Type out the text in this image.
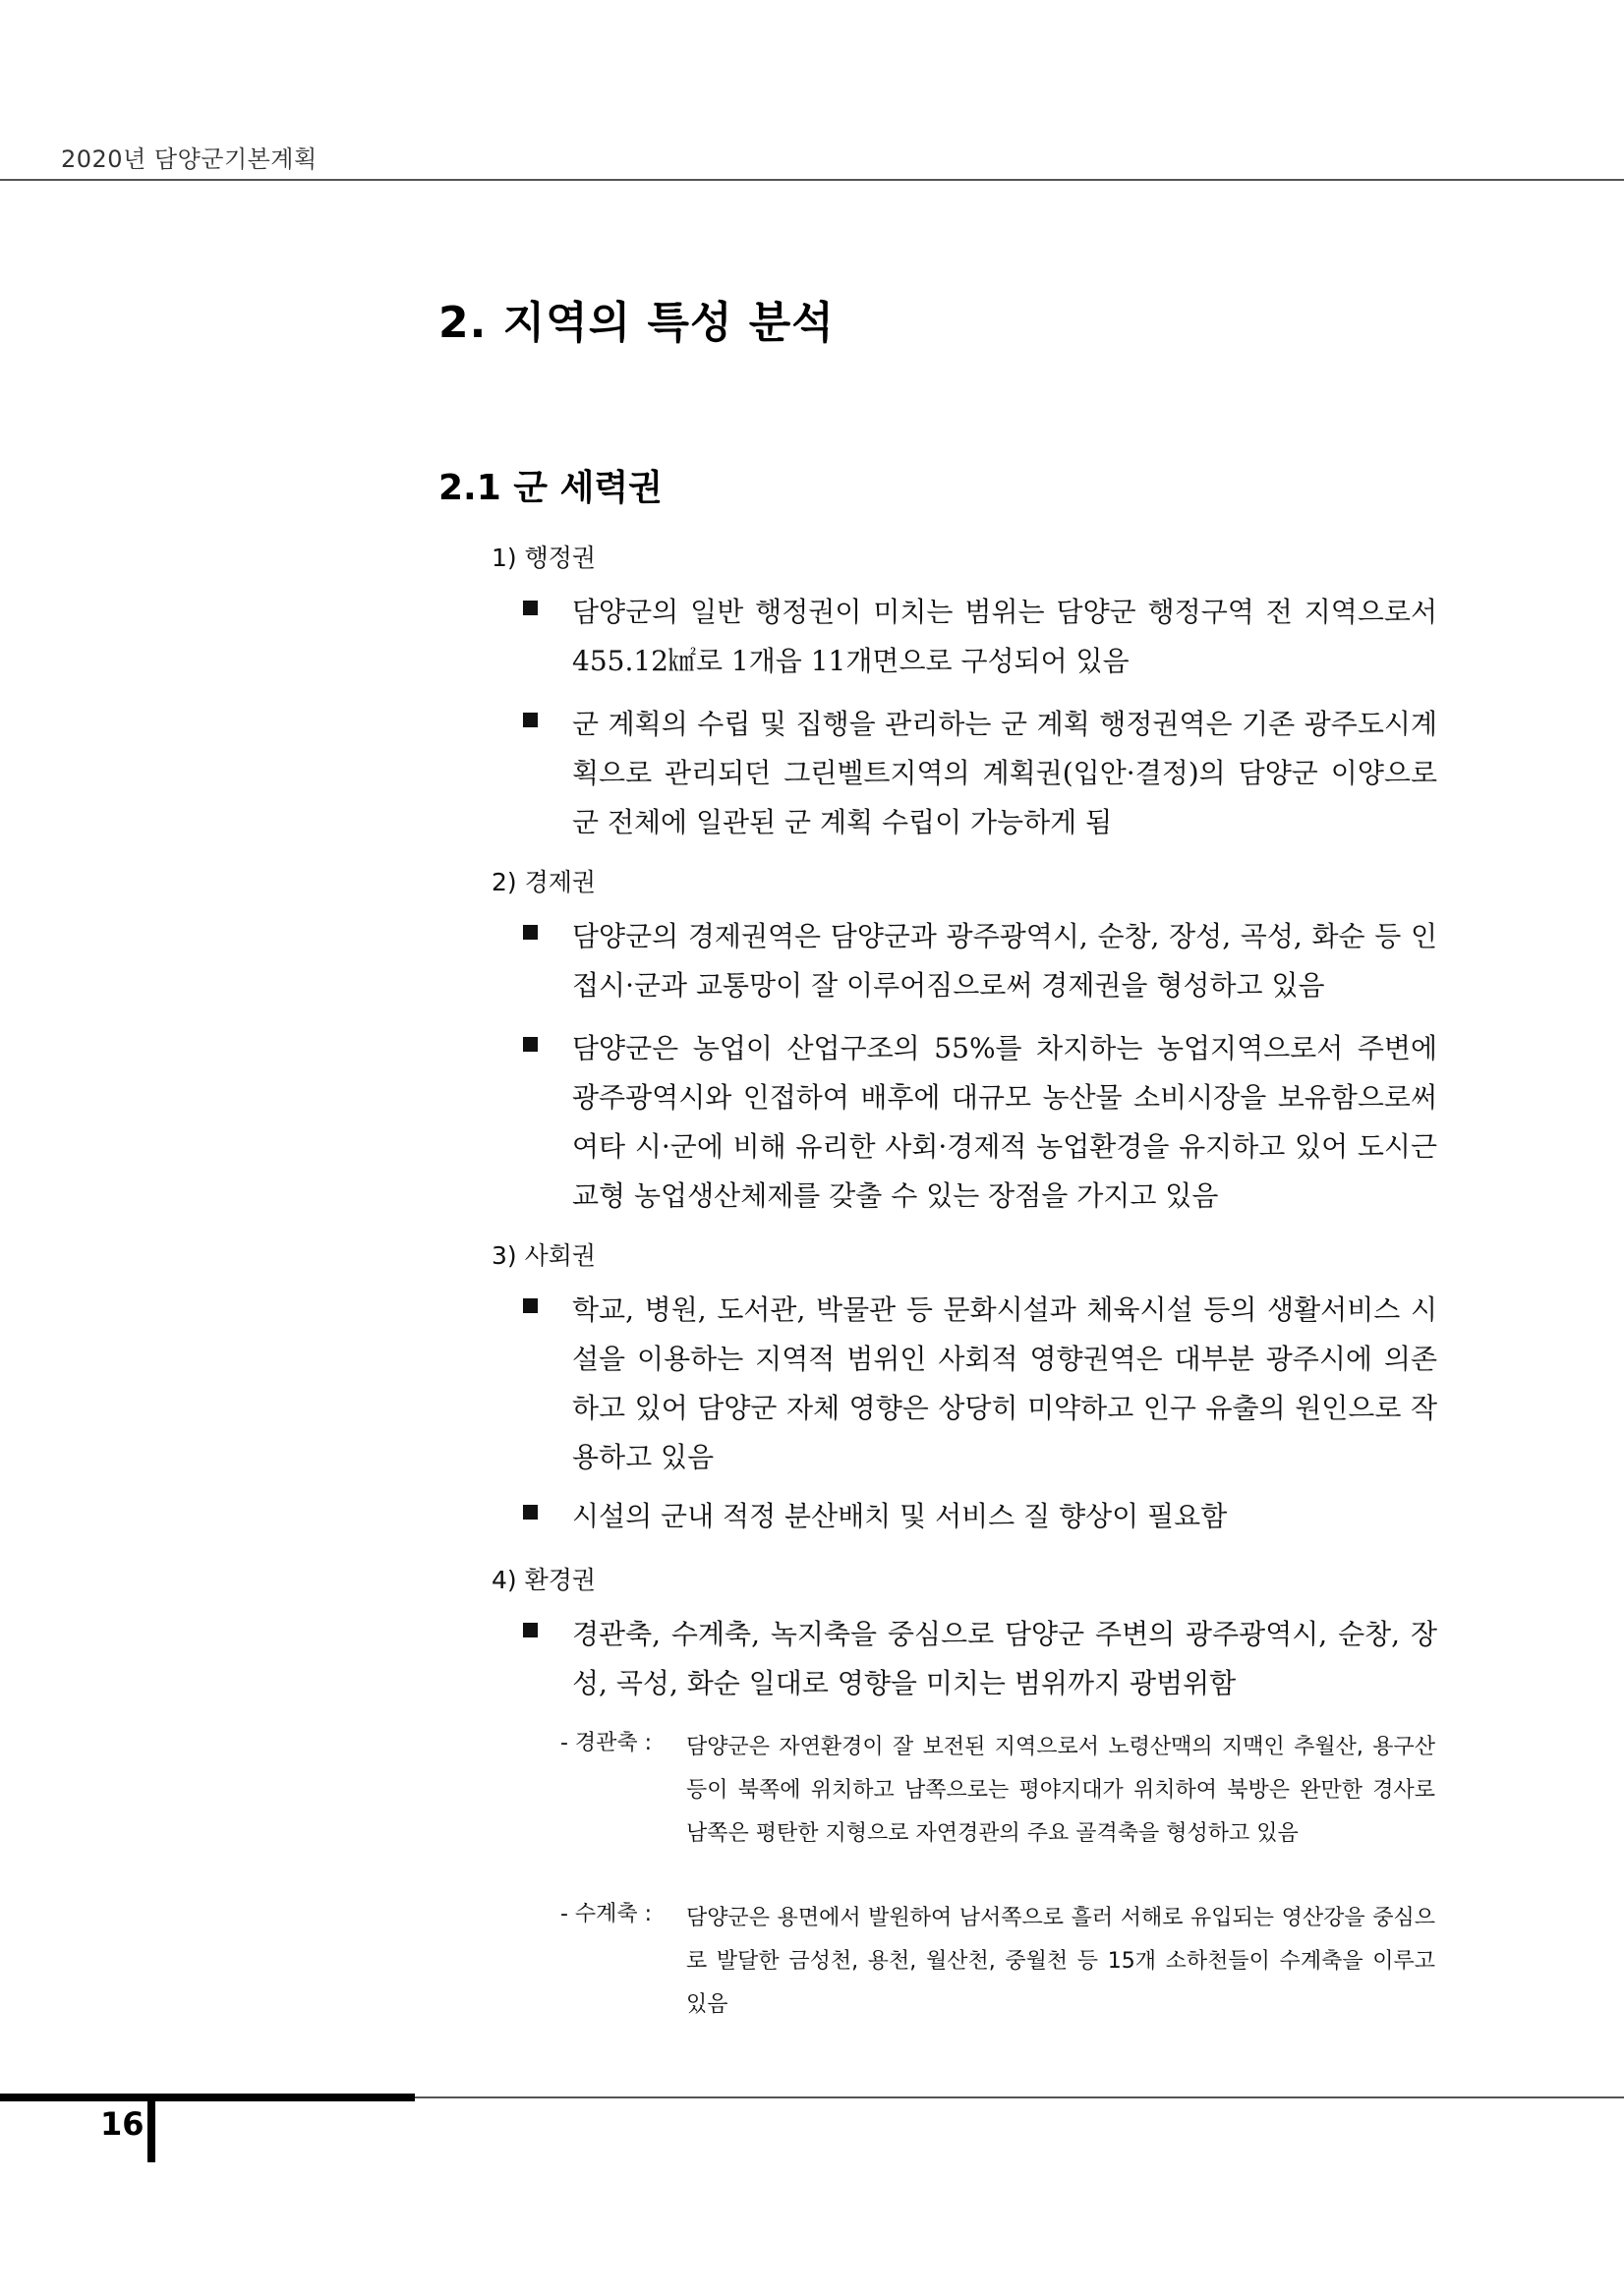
2020년 담양군기본계획
2. 지역의 특성 분석
2.1 군 세력권
1) 행정권
담양군의 일반 행정권이 미치는 범위는 담양군 행정구역 전 지역으로서 455.12㎢로 1개읍 11개면으로 구성되어 있음
군 계획의 수립 및 집행을 관리하는 군 계획 행정권역은 기존 광주도시계획으로 관리되던 그린벨트지역의 계획권(입안·결정)의 담양군 이양으로 군 전체에 일관된 군 계획 수립이 가능하게 됨
2) 경제권
담양군의 경제권역은 담양군과 광주광역시, 순창, 장성, 곡성, 화순 등 인접시·군과 교통망이 잘 이루어짐으로써 경제권을 형성하고 있음
담양군은 농업이 산업구조의 55%를 차지하는 농업지역으로서 주변에 광주광역시와 인접하여 배후에 대규모 농산물 소비시장을 보유함으로써 여타 시·군에 비해 유리한 사회·경제적 농업환경을 유지하고 있어 도시근교형 농업생산체제를 갖출 수 있는 장점을 가지고 있음
3) 사회권
학교, 병원, 도서관, 박물관 등 문화시설과 체육시설 등의 생활서비스 시설을 이용하는 지역적 범위인 사회적 영향권역은 대부분 광주시에 의존하고 있어 담양군 자체 영향은 상당히 미약하고 인구 유출의 원인으로 작용하고 있음
시설의 군내 적정 분산배치 및 서비스 질 향상이 필요함
4) 환경권
경관축, 수계축, 녹지축을 중심으로 담양군 주변의 광주광역시, 순창, 장성, 곡성, 화순 일대로 영향을 미치는 범위까지 광범위함
- 경관축 : 담양군은 자연환경이 잘 보전된 지역으로서 노령산맥의 지맥인 추월산, 용구산 등이 북쪽에 위치하고 남쪽으로는 평야지대가 위치하여 북방은 완만한 경사로 남쪽은 평탄한 지형으로 자연경관의 주요 골격축을 형성하고 있음
- 수계축 : 담양군은 용면에서 발원하여 남서쪽으로 흘러 서해로 유입되는 영산강을 중심으로 발달한 금성천, 용천, 월산천, 중월천 등 15개 소하천들이 수계축을 이루고 있음
16
